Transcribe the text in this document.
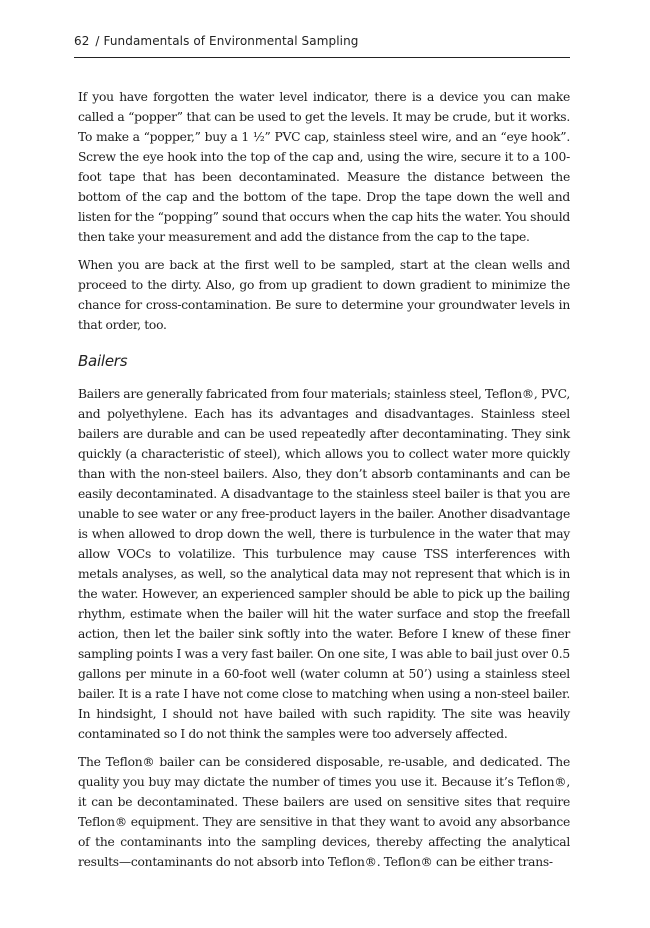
62 / Fundamentals of Environmental Sampling

If you have forgotten the water level indicator, there is a device you can make called a “popper” that can be used to get the levels. It may be crude, but it works. To make a “popper,” buy a 1 ½” PVC cap, stainless steel wire, and an “eye hook”. Screw the eye hook into the top of the cap and, using the wire, secure it to a 100-foot tape that has been decontaminated. Measure the distance between the bottom of the cap and the bottom of the tape. Drop the tape down the well and listen for the “popping” sound that occurs when the cap hits the water. You should then take your measurement and add the distance from the cap to the tape.

When you are back at the first well to be sampled, start at the clean wells and proceed to the dirty. Also, go from up gradient to down gradient to minimize the chance for cross-contamination. Be sure to determine your groundwater levels in that order, too.

Bailers

Bailers are generally fabricated from four materials; stainless steel, Teflon®, PVC, and polyethylene. Each has its advantages and disadvantages. Stainless steel bailers are durable and can be used repeatedly after decontaminating. They sink quickly (a characteristic of steel), which allows you to collect water more quickly than with the non-steel bailers. Also, they don’t absorb contaminants and can be easily decontaminated. A disadvantage to the stainless steel bailer is that you are unable to see water or any free-product layers in the bailer. Another disadvantage is when allowed to drop down the well, there is turbulence in the water that may allow VOCs to volatilize. This turbulence may cause TSS interferences with metals analyses, as well, so the analytical data may not represent that which is in the water. However, an experienced sampler should be able to pick up the bailing rhythm, estimate when the bailer will hit the water surface and stop the freefall action, then let the bailer sink softly into the water. Before I knew of these finer sampling points I was a very fast bailer. On one site, I was able to bail just over 0.5 gallons per minute in a 60-foot well (water column at 50’) using a stainless steel bailer. It is a rate I have not come close to matching when using a non-steel bailer. In hindsight, I should not have bailed with such rapidity. The site was heavily contaminated so I do not think the samples were too adversely affected.

The Teflon® bailer can be considered disposable, re-usable, and dedicated. The quality you buy may dictate the number of times you use it. Because it’s Teflon®, it can be decontaminated. These bailers are used on sensitive sites that require Teflon® equipment. They are sensitive in that they want to avoid any absorbance of the contaminants into the sampling devices, thereby affecting the analytical results—contaminants do not absorb into Teflon®. Teflon® can be either trans-
